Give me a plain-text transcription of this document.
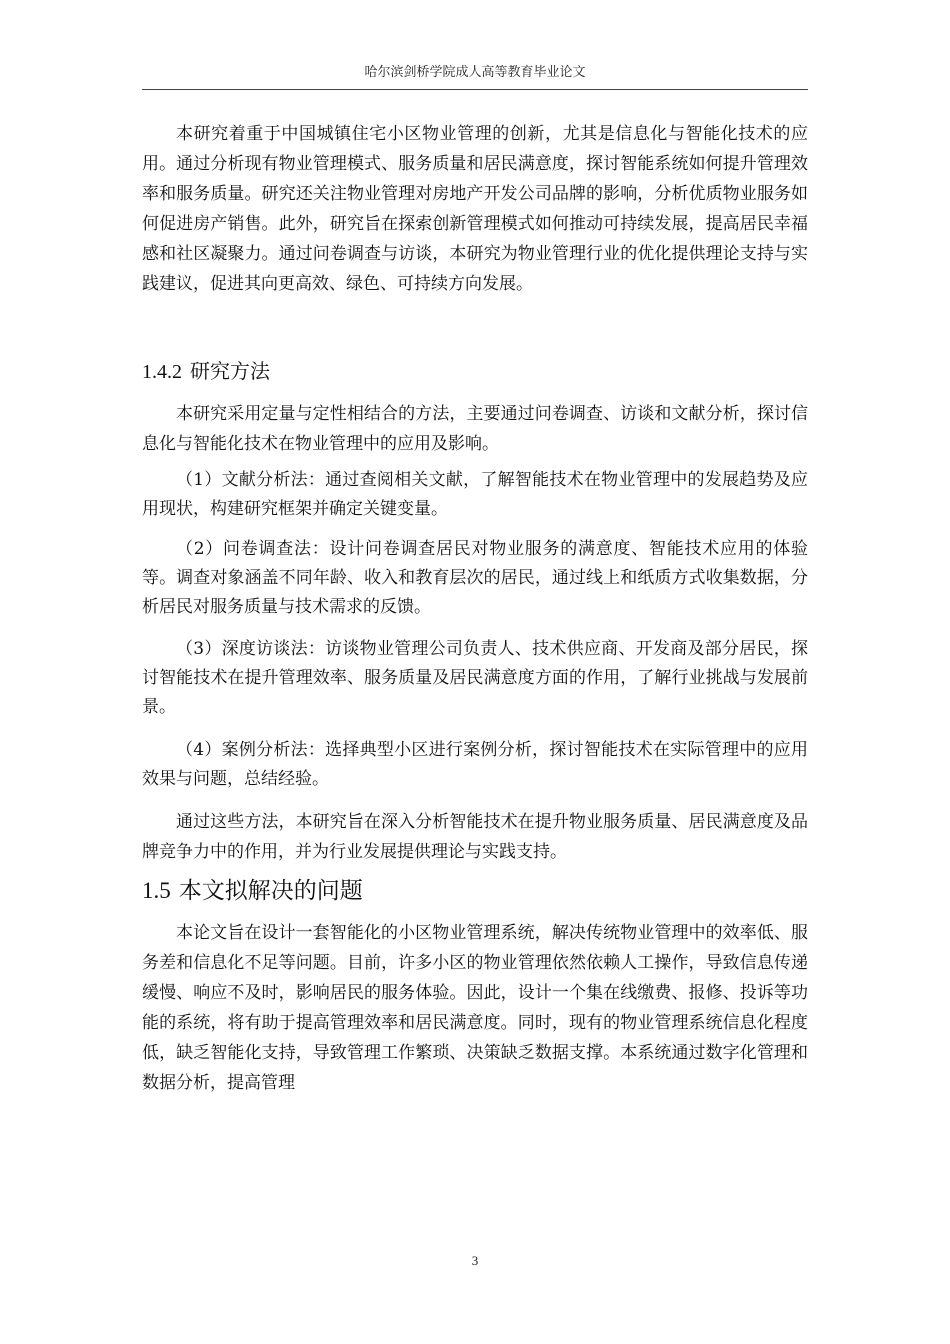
哈尔滨剑桥学院成人高等教育毕业论文

本研究着重于中国城镇住宅小区物业管理的创新，尤其是信息化与智能化技术的应用。通过分析现有物业管理模式、服务质量和居民满意度，探讨智能系统如何提升管理效率和服务质量。研究还关注物业管理对房地产开发公司品牌的影响，分析优质物业服务如何促进房产销售。此外，研究旨在探索创新管理模式如何推动可持续发展，提高居民幸福感和社区凝聚力。通过问卷调查与访谈，本研究为物业管理行业的优化提供理论支持与实践建议，促进其向更高效、绿色、可持续方向发展。

1.4.2 研究方法

本研究采用定量与定性相结合的方法，主要通过问卷调查、访谈和文献分析，探讨信息化与智能化技术在物业管理中的应用及影响。

（1）文献分析法：通过查阅相关文献，了解智能技术在物业管理中的发展趋势及应用现状，构建研究框架并确定关键变量。

（2）问卷调查法：设计问卷调查居民对物业服务的满意度、智能技术应用的体验等。调查对象涵盖不同年龄、收入和教育层次的居民，通过线上和纸质方式收集数据，分析居民对服务质量与技术需求的反馈。

（3）深度访谈法：访谈物业管理公司负责人、技术供应商、开发商及部分居民，探讨智能技术在提升管理效率、服务质量及居民满意度方面的作用，了解行业挑战与发展前景。

（4）案例分析法：选择典型小区进行案例分析，探讨智能技术在实际管理中的应用效果与问题，总结经验。

通过这些方法，本研究旨在深入分析智能技术在提升物业服务质量、居民满意度及品牌竞争力中的作用，并为行业发展提供理论与实践支持。

1.5 本文拟解决的问题

本论文旨在设计一套智能化的小区物业管理系统，解决传统物业管理中的效率低、服务差和信息化不足等问题。目前，许多小区的物业管理依然依赖人工操作，导致信息传递缓慢、响应不及时，影响居民的服务体验。因此，设计一个集在线缴费、报修、投诉等功能的系统，将有助于提高管理效率和居民满意度。同时，现有的物业管理系统信息化程度低，缺乏智能化支持，导致管理工作繁琐、决策缺乏数据支撑。本系统通过数字化管理和数据分析，提高管理

3
